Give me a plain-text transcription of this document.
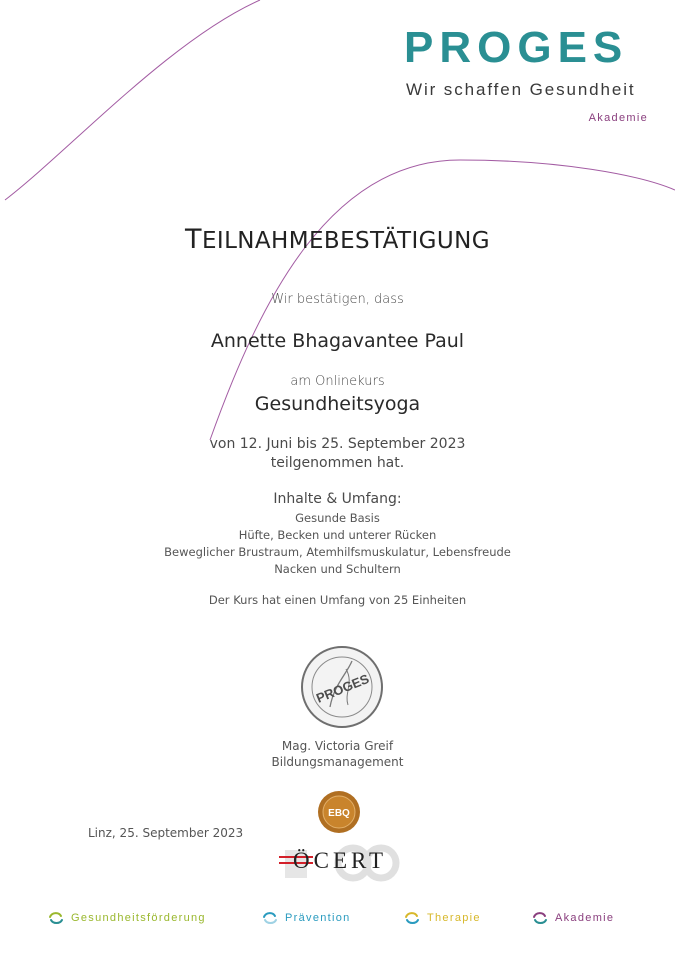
PROGES
Wir schaffen Gesundheit
Akademie
TEILNAHMEBESTÄTIGUNG
Wir bestätigen, dass
Annette Bhagavantee Paul
am Onlinekurs
Gesundheitsyoga
von 12. Juni bis 25. September 2023
teilgenommen hat.
Inhalte & Umfang:
Gesunde Basis
Hüfte, Becken und unterer Rücken
Beweglicher Brustraum, Atemhilfsmuskulatur, Lebensfreude
Nacken und Schultern
Der Kurs hat einen Umfang von 25 Einheiten
PROGES
Mag. Victoria Greif
Bildungsmanagement
EBQ
Linz, 25. September 2023
ÖCERT
Gesundheitsförderung	Prävention	Therapie	Akademie
